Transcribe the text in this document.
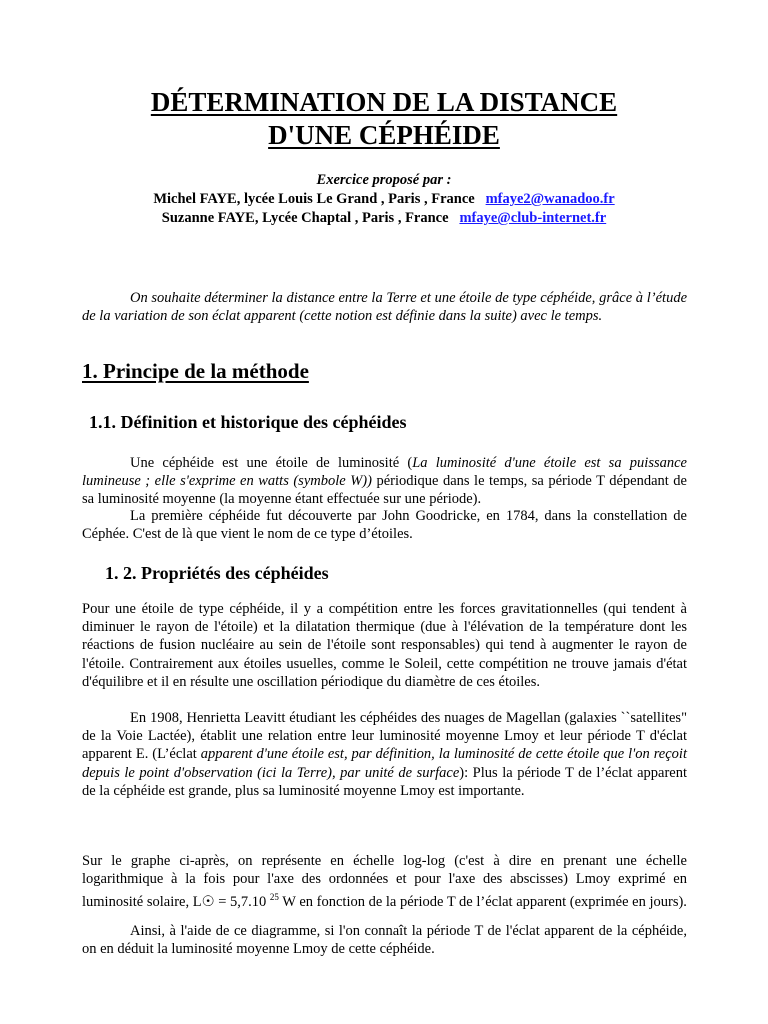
DÉTERMINATION DE LA DISTANCE
D'UNE CÉPHÉIDE
Exercice proposé par :
Michel FAYE, lycée Louis Le Grand , Paris , France mfaye2@wanadoo.fr
Suzanne FAYE, Lycée Chaptal , Paris , France mfaye@club-internet.fr
On souhaite déterminer la distance entre la Terre et une étoile de type céphéide, grâce à l’étude de la variation de son éclat apparent (cette notion est définie dans la suite) avec le temps.
1. Principe de la méthode
1.1. Définition et historique des céphéides
Une céphéide est une étoile de luminosité (La luminosité d'une étoile est sa puissance lumineuse ; elle s'exprime en watts (symbole W)) périodique dans le temps, sa période T dépendant de sa luminosité moyenne (la moyenne étant effectuée sur une période).
La première céphéide fut découverte par John Goodricke, en 1784, dans la constellation de Céphée. C'est de là que vient le nom de ce type d’étoiles.
1. 2. Propriétés des céphéides
Pour une étoile de type céphéide, il y a compétition entre les forces gravitationnelles (qui tendent à diminuer le rayon de l'étoile) et la dilatation thermique (due à l'élévation de la température dont les réactions de fusion nucléaire au sein de l'étoile sont responsables) qui tend à augmenter le rayon de l'étoile. Contrairement aux étoiles usuelles, comme le Soleil, cette compétition ne trouve jamais d'état d'équilibre et il en résulte une oscillation périodique du diamètre de ces étoiles.
En 1908, Henrietta Leavitt étudiant les céphéides des nuages de Magellan (galaxies ``satellites" de la Voie Lactée), établit une relation entre leur luminosité moyenne Lmoy et leur période T d'éclat apparent E. (L’éclat apparent d'une étoile est, par définition, la luminosité de cette étoile que l'on reçoit depuis le point d'observation (ici la Terre), par unité de surface): Plus la période T de l’éclat apparent de la céphéide est grande, plus sa luminosité moyenne Lmoy est importante.
Sur le graphe ci-après, on représente en échelle log-log (c'est à dire en prenant une échelle logarithmique à la fois pour l'axe des ordonnées et pour l'axe des abscisses) Lmoy exprimé en luminosité solaire, L☉ = 5,7.10 $^{25}$ W en fonction de la période T de l’éclat apparent (exprimée en jours).
Ainsi, à l'aide de ce diagramme, si l'on connaît la période T de l'éclat apparent de la céphéide, on en déduit la luminosité moyenne Lmoy de cette céphéide.
